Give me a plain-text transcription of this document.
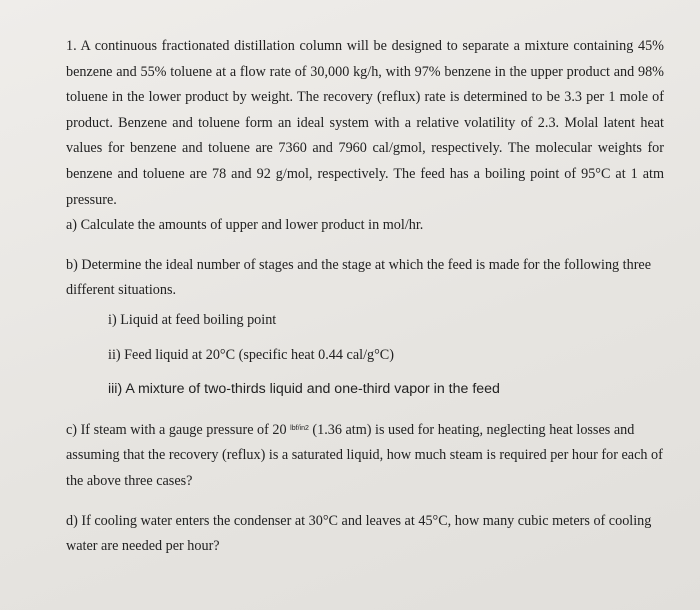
1. A continuous fractionated distillation column will be designed to separate a mixture containing 45% benzene and 55% toluene at a flow rate of 30,000 kg/h, with 97% benzene in the upper product and 98% toluene in the lower product by weight. The recovery (reflux) rate is determined to be 3.3 per 1 mole of product. Benzene and toluene form an ideal system with a relative volatility of 2.3. Molal latent heat values for benzene and toluene are 7360 and 7960 cal/gmol, respectively. The molecular weights for benzene and toluene are 78 and 92 g/mol, respectively. The feed has a boiling point of 95°C at 1 atm pressure.

a) Calculate the amounts of upper and lower product in mol/hr.

b) Determine the ideal number of stages and the stage at which the feed is made for the following three different situations.

i) Liquid at feed boiling point

ii) Feed liquid at 20°C (specific heat 0.44 cal/g°C)

iii) A mixture of two-thirds liquid and one-third vapor in the feed

c) If steam with a gauge pressure of 20 $^{lbf/in2}$ (1.36 atm) is used for heating, neglecting heat losses and assuming that the recovery (reflux) is a saturated liquid, how much steam is required per hour for each of the above three cases?

d) If cooling water enters the condenser at 30°C and leaves at 45°C, how many cubic meters of cooling water are needed per hour?
